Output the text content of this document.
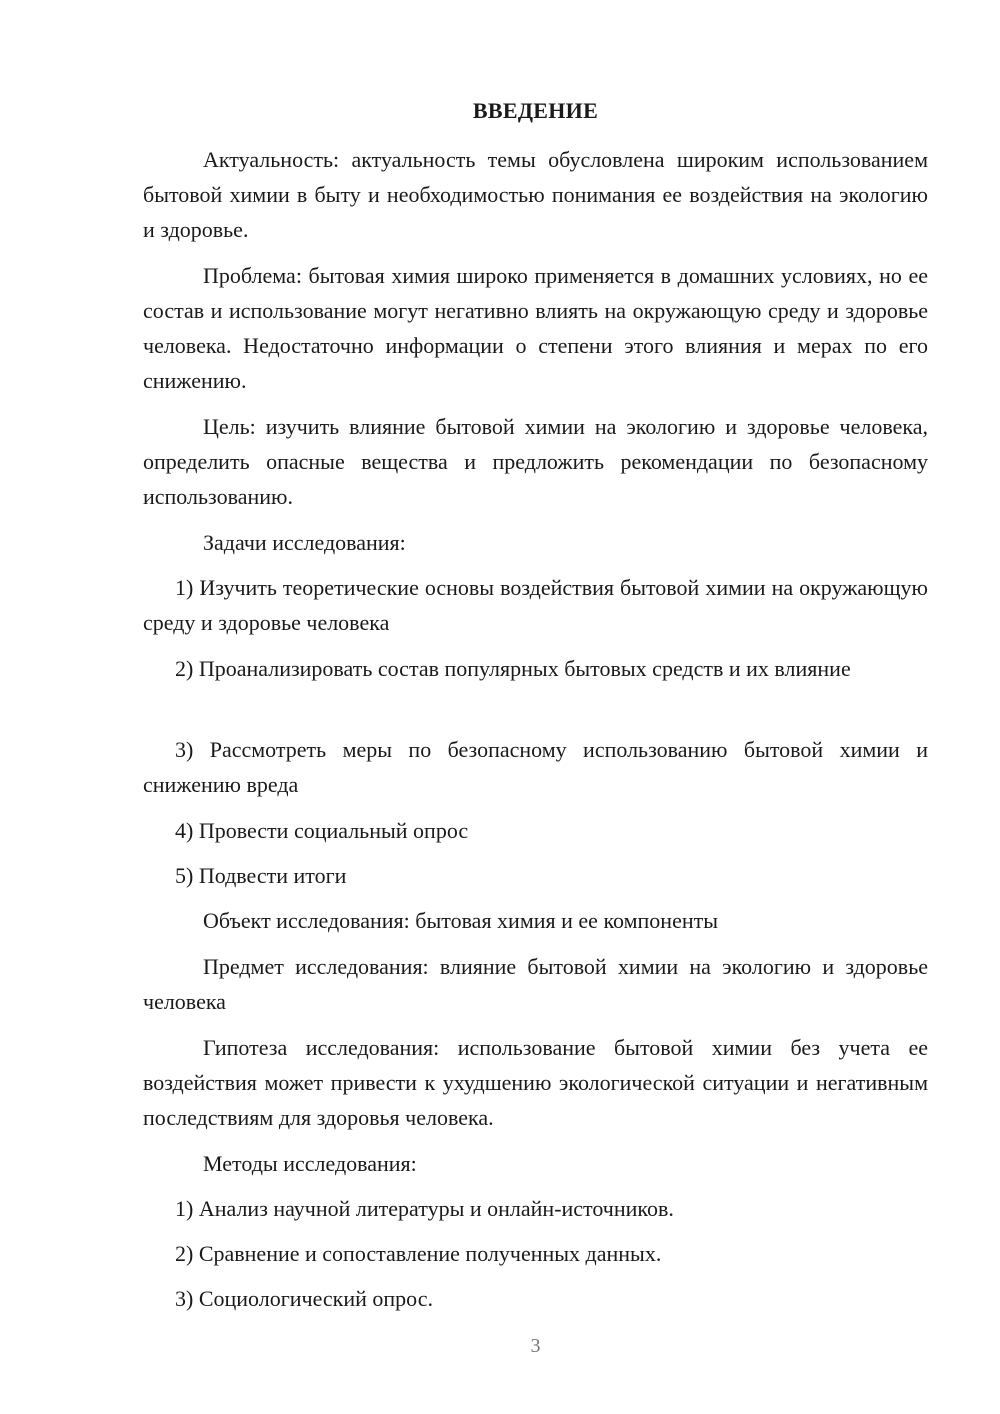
ВВЕДЕНИЕ

Актуальность: актуальность темы обусловлена широким использованием бытовой химии в быту и необходимостью понимания ее воздействия на экологию и здоровье.

Проблема: бытовая химия широко применяется в домашних условиях, но ее состав и использование могут негативно влиять на окружающую среду и здоровье человека. Недостаточно информации о степени этого влияния и мерах по его снижению.

Цель: изучить влияние бытовой химии на экологию и здоровье человека, определить опасные вещества и предложить рекомендации по безопасному использованию.

Задачи исследования:

1) Изучить теоретические основы воздействия бытовой химии на окружающую среду и здоровье человека

2) Проанализировать состав популярных бытовых средств и их влияние

3) Рассмотреть меры по безопасному использованию бытовой химии и снижению вреда

4) Провести социальный опрос

5) Подвести итоги

Объект исследования: бытовая химия и ее компоненты

Предмет исследования: влияние бытовой химии на экологию и здоровье человека

Гипотеза исследования: использование бытовой химии без учета ее воздействия может привести к ухудшению экологической ситуации и негативным последствиям для здоровья человека.

Методы исследования:

1) Анализ научной литературы и онлайн-источников.

2) Сравнение и сопоставление полученных данных.

3) Социологический опрос.

3
